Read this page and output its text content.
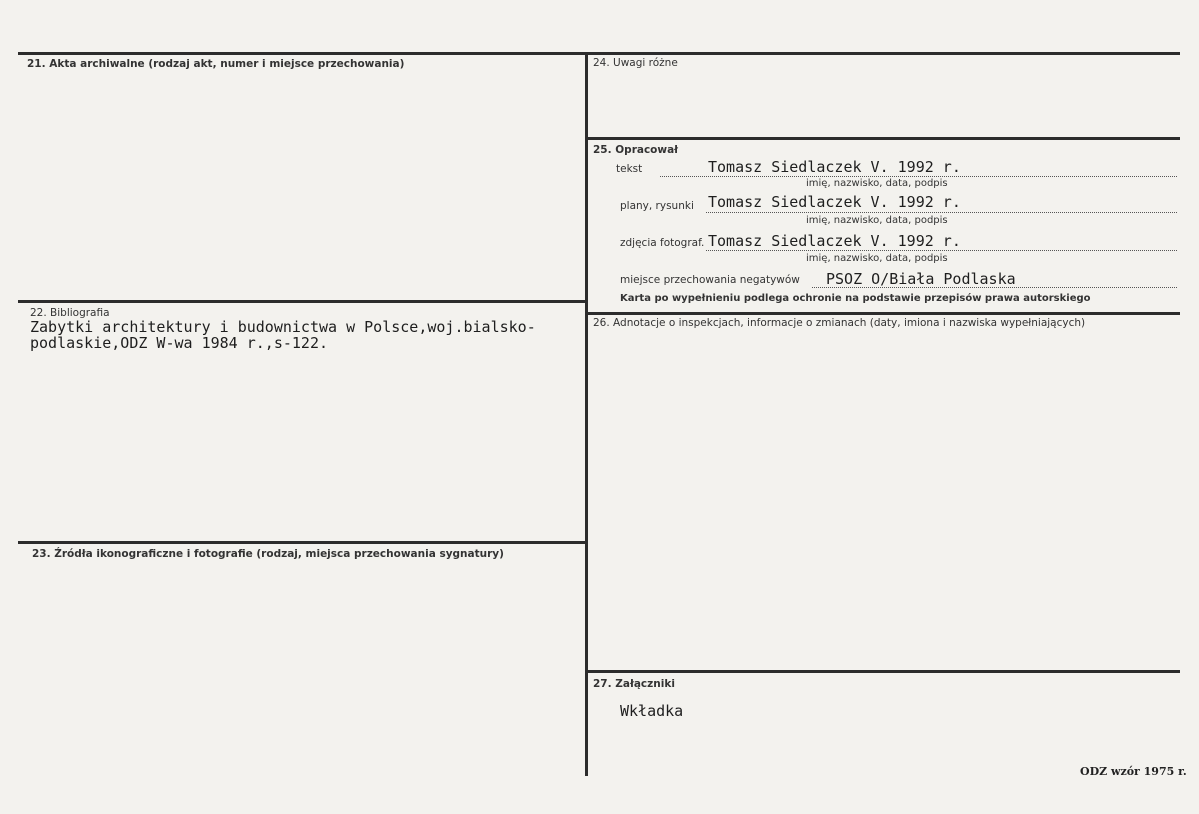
21. Akta archiwalne (rodzaj akt, numer i miejsce przechowania)
22. Bibliografia
Zabytki architektury i budownictwa w Polsce,woj.bialsko-
podlaskie,ODZ W-wa 1984 r.,s-122.
23. Źródła ikonograficzne i fotografie (rodzaj, miejsca przechowania sygnatury)
24. Uwagi różne
25. Opracował
tekst	Tomasz Siedlaczek V. 1992 r.
imię, nazwisko, data, podpis
plany, rysunki Tomasz Siedlaczek V. 1992 r.
imię, nazwisko, data, podpis
zdjęcia fotograf. Tomasz Siedlaczek V. 1992 r.
imię, nazwisko, data, podpis
miejsce przechowania negatywów PSOZ O/Biała Podlaska
Karta po wypełnieniu podlega ochronie na podstawie przepisów prawa autorskiego
26. Adnotacje o inspekcjach, informacje o zmianach (daty, imiona i nazwiska wypełniających)
27. Załączniki
Wkładka
ODZ wzór 1975 r.
